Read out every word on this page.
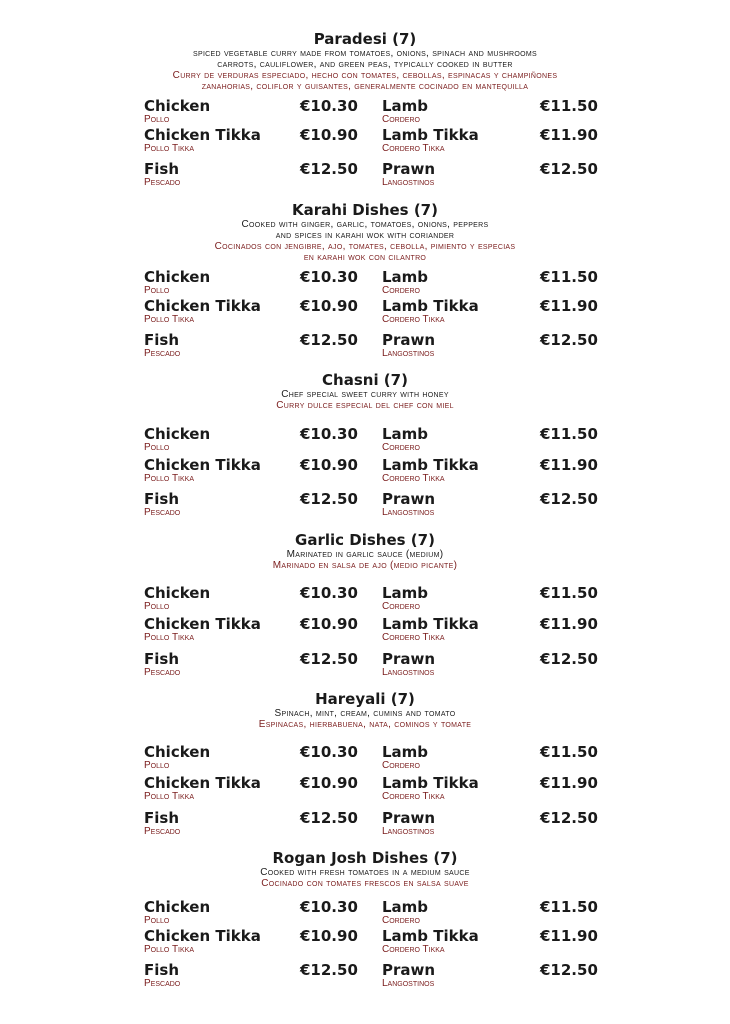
Paradesi (7)
spiced vegetable curry made from tomatoes, onions, spinach and mushrooms
carrots, cauliflower, and green peas, typically cooked in butter
Curry de verduras especiado, hecho con tomates, cebollas, espinacas y champiñones
zanahorias, coliflor y guisantes, generalmente cocinado en mantequilla
Chicken
Pollo
€10.30 Lamb
Cordero
€11.50
Chicken Tikka
Pollo Tikka
€10.90 Lamb Tikka
Cordero Tikka
€11.90
Fish
Pescado
€12.50 Prawn
Langostinos
€12.50
Karahi Dishes (7)
Cooked with ginger, garlic, tomatoes, onions, peppers
and spices in karahi wok with coriander
Cocinados con jengibre, ajo, tomates, cebolla, pimiento y especias
en karahi wok con cilantro
Chicken
Pollo
€10.30 Lamb
Cordero
€11.50
Chicken Tikka
Pollo Tikka
€10.90 Lamb Tikka
Cordero Tikka
€11.90
Fish
Pescado
€12.50 Prawn
Langostinos
€12.50
Chasni (7)
Chef special sweet curry with honey
Curry dulce especial del chef con miel
Chicken
Pollo
€10.30 Lamb
Cordero
€11.50
Chicken Tikka
Pollo Tikka
€10.90 Lamb Tikka
Cordero Tikka
€11.90
Fish
Pescado
€12.50 Prawn
Langostinos
€12.50
Garlic Dishes (7)
Marinated in garlic sauce (medium)
Marinado en salsa de ajo (medio picante)
Chicken
Pollo
€10.30 Lamb
Cordero
€11.50
Chicken Tikka
Pollo Tikka
€10.90 Lamb Tikka
Cordero Tikka
€11.90
Fish
Pescado
€12.50 Prawn
Langostinos
€12.50
Hareyali (7)
Spinach, mint, cream, cumins and tomato
Espinacas, hierbabuena, nata, cominos y tomate
Chicken
Pollo
€10.30 Lamb
Cordero
€11.50
Chicken Tikka
Pollo Tikka
€10.90 Lamb Tikka
Cordero Tikka
€11.90
Fish
Pescado
€12.50 Prawn
Langostinos
€12.50
Rogan Josh Dishes (7)
Cooked with fresh tomatoes in a medium sauce
Cocinado con tomates frescos en salsa suave
Chicken
Pollo
€10.30 Lamb
Cordero
€11.50
Chicken Tikka
Pollo Tikka
€10.90 Lamb Tikka
Cordero Tikka
€11.90
Fish
Pescado
€12.50 Prawn
Langostinos
€12.50
